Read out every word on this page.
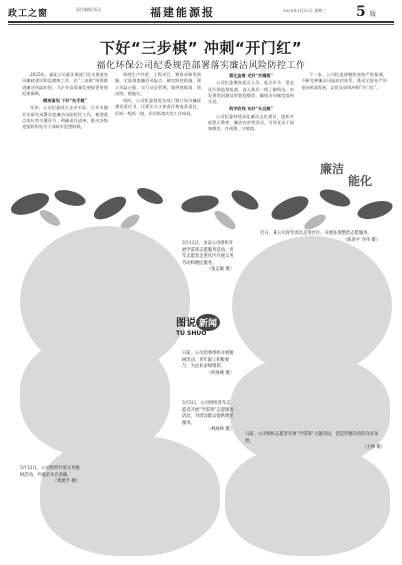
政工之窗	责任编辑 版式	福建能源报	2025年3月12日 星期三 5 版
下好“三步棋” 冲刺“开门红”
福化环保公司纪委规范部署落实廉洁风险防控工作

2025年，福化公司某环保部门扎实推进党风廉政建设和反腐败工作，以“三步棋”统筹推进廉洁风险防控，为企业高质量发展提供坚强纪律保障。

精准谋划 下好“先手棋”

年初，公司纪委结合企业实际，召开专题会议研究部署年度廉洁风险防控工作，梳理重点岗位和关键环节，明确责任清单，推动各级党组织和党员干部筑牢思想防线。

围绕生产经营、工程项目、物资采购等领域，全面排查廉洁风险点，制定防控措施，建立风险台账，实行动态管理，做到底数清、情况明、措施实。

同时，公司纪委督促各部门签订党风廉政建设责任书，压紧压实主体责任和监督责任，形成一级抓一级、层层抓落实的工作格局。

强化监督 走好“关键棋”

公司纪委聚焦重点人员、重点环节，常态化开展监督检查，深入基层一线了解情况，对发现的问题及时督促整改，确保各项制度落到实处。

筑牢防线 布好“长远棋”

公司纪委持续深化廉洁文化建设，组织开展警示教育、廉洁宣讲等活动，引导党员干部知敬畏、存戒惧、守底线。

下一步，公司纪委将继续坚持严的基调，不断完善廉洁风险防控体系，推动全面从严治党向纵深发展，以优异成绩冲刺“开门红”。

廉洁
能化
3月11日，永安公司组织开展学雷锋志愿服务活动，青年志愿者走进社区开展义务劳动和便民服务。
（张志敏 摄）
日前，公司团委组织开展植树活动，青年职工积极参与，为企业添绿增彩。
（何海峰 摄）
3月5日，公司组织青年志愿者开展“学雷锋”志愿服务活动，为周边群众提供便民服务。
（林海林 摄）
近日，某公司青年团员走进社区，开展环境整治志愿服务。
（陈春平 李伟 摄）
3月12日，公司组织开展义务植树活动，共植苗木百余株。
（黄建平 摄）
日前，公司组织志愿者开展“学雷锋”主题活动，营造崇德向善的良好氛围。
（王林 摄）
图说 新闻
TU SHUO
